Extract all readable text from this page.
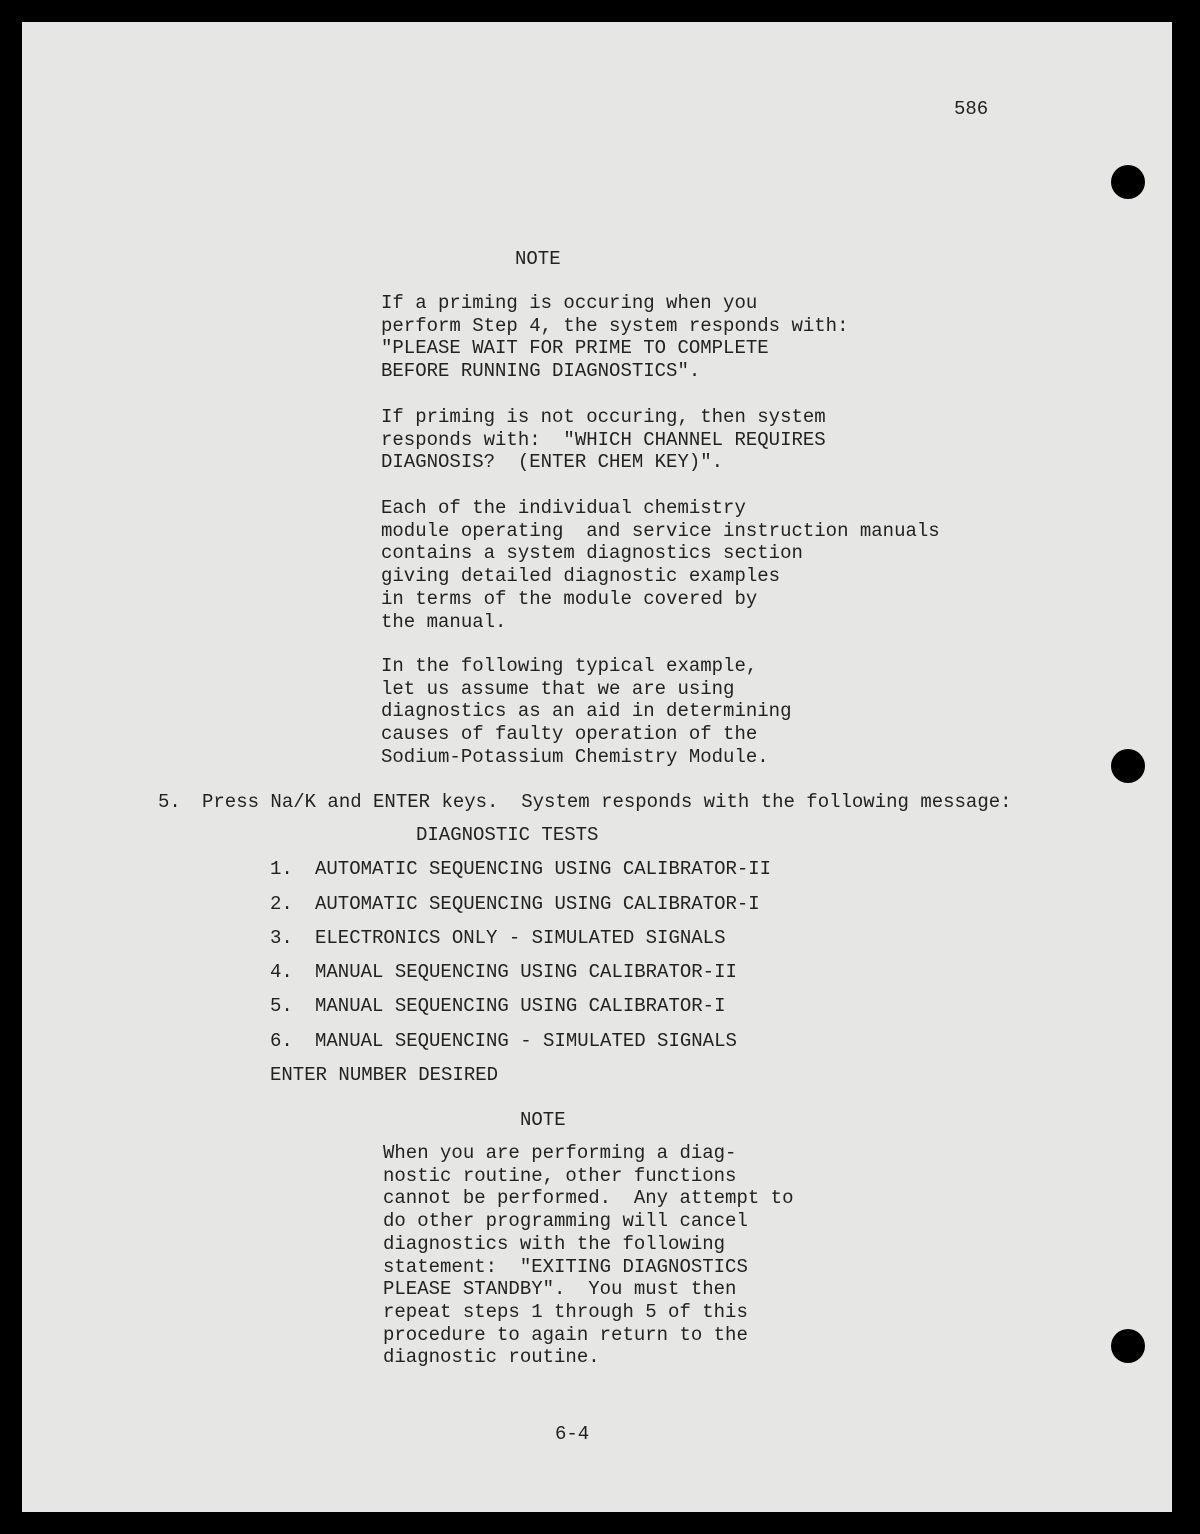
586
NOTE
If a priming is occuring when you
perform Step 4, the system responds with:
"PLEASE WAIT FOR PRIME TO COMPLETE
BEFORE RUNNING DIAGNOSTICS".
If priming is not occuring, then system
responds with:  "WHICH CHANNEL REQUIRES
DIAGNOSIS?  (ENTER CHEM KEY)".
Each of the individual chemistry
module operating  and service instruction manuals
contains a system diagnostics section
giving detailed diagnostic examples
in terms of the module covered by
the manual.
In the following typical example,
let us assume that we are using
diagnostics as an aid in determining
causes of faulty operation of the
Sodium-Potassium Chemistry Module.
5. Press Na/K and ENTER keys.  System responds with the following message:
DIAGNOSTIC TESTS
1. AUTOMATIC SEQUENCING USING CALIBRATOR-II
2. AUTOMATIC SEQUENCING USING CALIBRATOR-I
3. ELECTRONICS ONLY - SIMULATED SIGNALS
4. MANUAL SEQUENCING USING CALIBRATOR-II
5. MANUAL SEQUENCING USING CALIBRATOR-I
6. MANUAL SEQUENCING - SIMULATED SIGNALS
ENTER NUMBER DESIRED
NOTE
When you are performing a diag-
nostic routine, other functions
cannot be performed.  Any attempt to
do other programming will cancel
diagnostics with the following
statement:  "EXITING DIAGNOSTICS
PLEASE STANDBY".  You must then
repeat steps 1 through 5 of this
procedure to again return to the
diagnostic routine.
6-4
